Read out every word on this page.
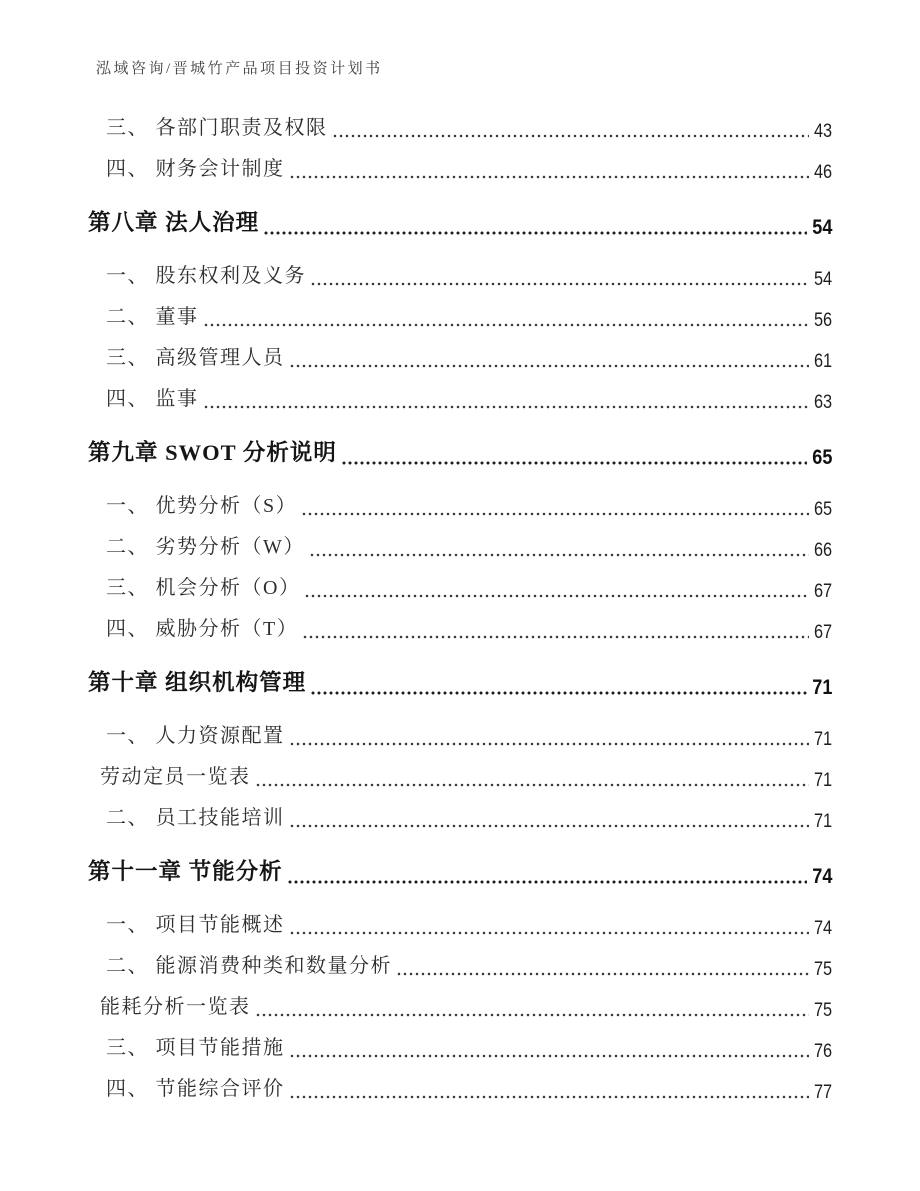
泓域咨询/晋城竹产品项目投资计划书
三、 各部门职责及权限	43
四、 财务会计制度	46
第八章 法人治理	54
一、 股东权利及义务	54
二、 董事	56
三、 高级管理人员	61
四、 监事	63
第九章 SWOT 分析说明	65
一、 优势分析（S）	65
二、 劣势分析（W）	66
三、 机会分析（O）	67
四、 威胁分析（T）	67
第十章 组织机构管理	71
一、 人力资源配置	71
劳动定员一览表	71
二、 员工技能培训	71
第十一章 节能分析	74
一、 项目节能概述	74
二、 能源消费种类和数量分析	75
能耗分析一览表	75
三、 项目节能措施	76
四、 节能综合评价	77
